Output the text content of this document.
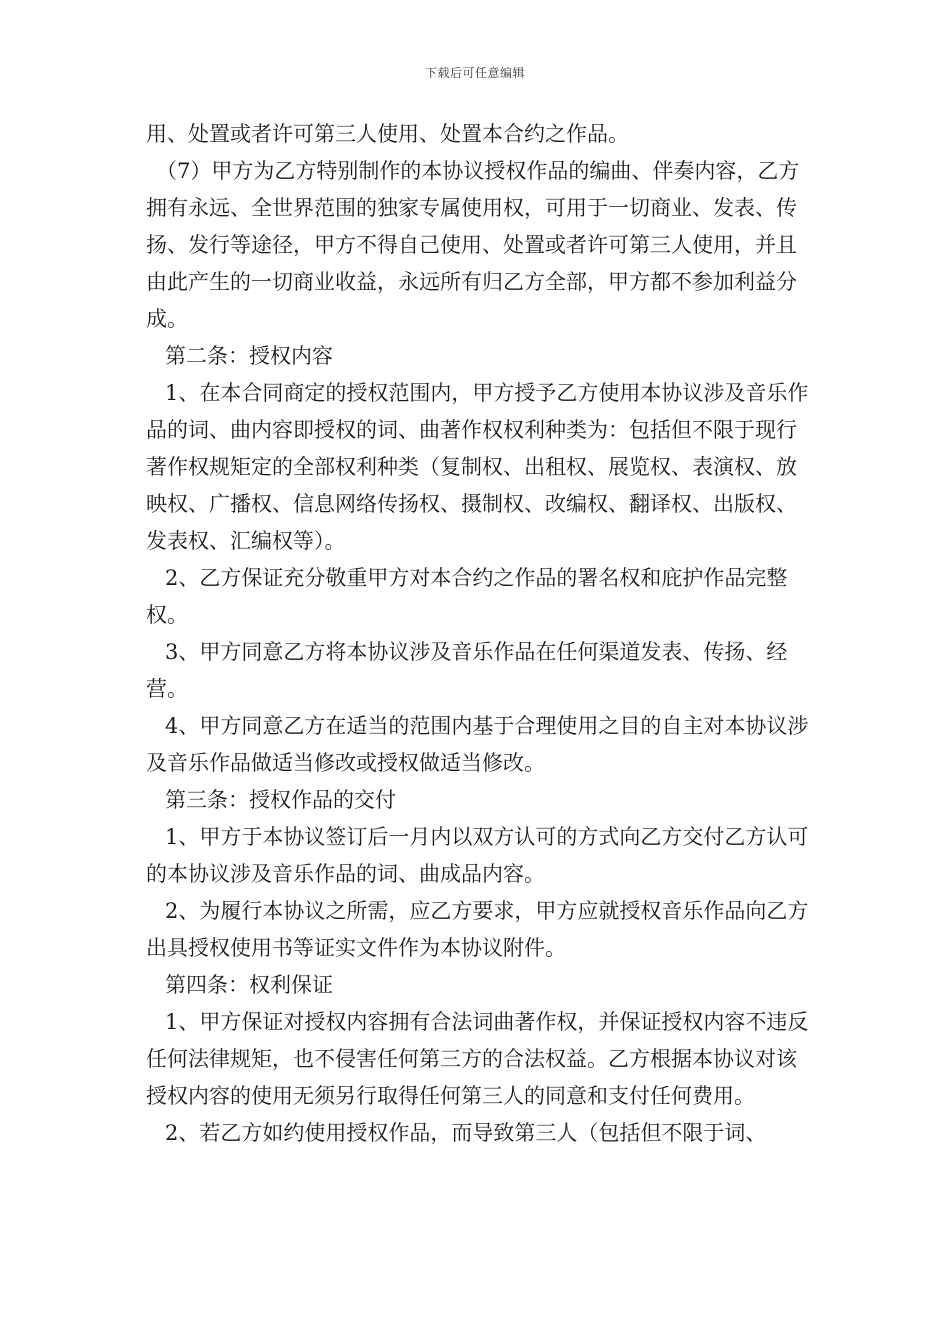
下载后可任意编辑

用、处置或者许可第三人使用、处置本合约之作品。

（7）甲方为乙方特别制作的本协议授权作品的编曲、伴奏内容，乙方拥有永远、全世界范围的独家专属使用权，可用于一切商业、发表、传扬、发行等途径，甲方不得自己使用、处置或者许可第三人使用，并且由此产生的一切商业收益，永远所有归乙方全部，甲方都不参加利益分成。

第二条：授权内容

1、在本合同商定的授权范围内，甲方授予乙方使用本协议涉及音乐作品的词、曲内容即授权的词、曲著作权权利种类为：包括但不限于现行著作权规矩定的全部权利种类（复制权、出租权、展览权、表演权、放映权、广播权、信息网络传扬权、摄制权、改编权、翻译权、出版权、发表权、汇编权等）。

2、乙方保证充分敬重甲方对本合约之作品的署名权和庇护作品完整权。

3、甲方同意乙方将本协议涉及音乐作品在任何渠道发表、传扬、经营。

4、甲方同意乙方在适当的范围内基于合理使用之目的自主对本协议涉及音乐作品做适当修改或授权做适当修改。

第三条：授权作品的交付

1、甲方于本协议签订后一月内以双方认可的方式向乙方交付乙方认可的本协议涉及音乐作品的词、曲成品内容。

2、为履行本协议之所需，应乙方要求，甲方应就授权音乐作品向乙方出具授权使用书等证实文件作为本协议附件。

第四条：权利保证

1、甲方保证对授权内容拥有合法词曲著作权，并保证授权内容不违反任何法律规矩，也不侵害任何第三方的合法权益。乙方根据本协议对该授权内容的使用无须另行取得任何第三人的同意和支付任何费用。

2、若乙方如约使用授权作品，而导致第三人（包括但不限于词、
